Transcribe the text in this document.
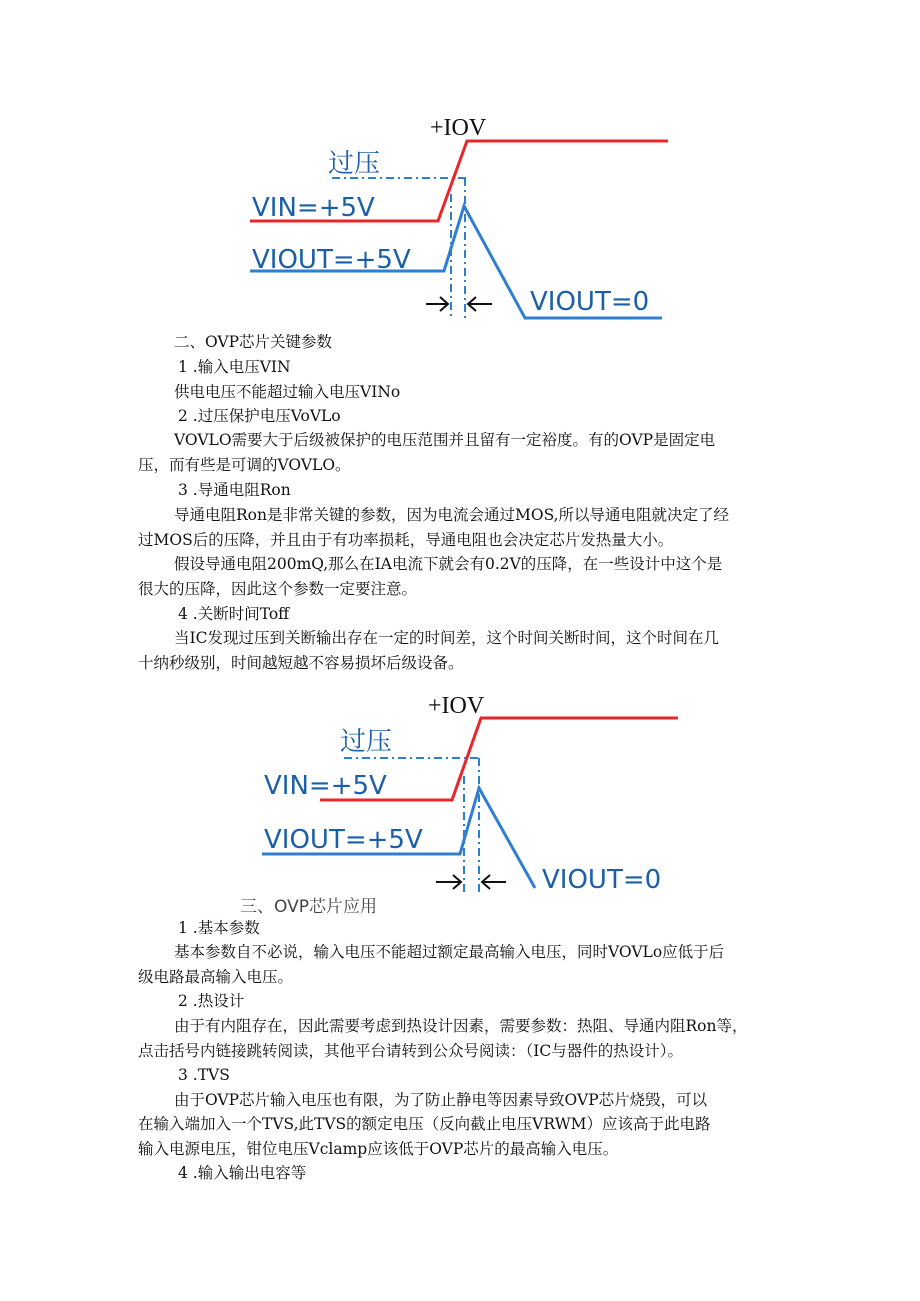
+IOV
过压
VIN=+5V
VIOUT=+5V
VIOUT=0
二、OVP芯片关键参数
1 .输入电压VIN
供电电压不能超过输入电压VINo
2 .过压保护电压VoVLo
VOVLO需要大于后级被保护的电压范围并且留有一定裕度。有的OVP是固定电
压，而有些是可调的VOVLO。
3 .导通电阻Ron
导通电阻Ron是非常关键的参数，因为电流会通过MOS,所以导通电阻就决定了经
过MOS后的压降，并且由于有功率损耗，导通电阻也会决定芯片发热量大小。
假设导通电阻200mQ,那么在IA电流下就会有0.2V的压降，在一些设计中这个是
很大的压降，因此这个参数一定要注意。
4 .关断时间Toff
当IC发现过压到关断输出存在一定的时间差，这个时间关断时间，这个时间在几
十纳秒级别，时间越短越不容易损坏后级设备。
+IOV
过压
VIN=+5V
VIOUT=+5V
VIOUT=0
三、OVP芯片应用
1 .基本参数
基本参数自不必说，输入电压不能超过额定最高输入电压，同时VOVLo应低于后
级电路最高输入电压。
2 .热设计
由于有内阻存在，因此需要考虑到热设计因素，需要参数：热阻、导通内阻Ron等，
点击括号内链接跳转阅读，其他平台请转到公众号阅读：（IC与器件的热设计）。
3 .TVS
由于OVP芯片输入电压也有限，为了防止静电等因素导致OVP芯片烧毁，可以
在输入端加入一个TVS,此TVS的额定电压（反向截止电压VRWM）应该高于此电路
输入电源电压，钳位电压Vclamp应该低于OVP芯片的最高输入电压。
4 .输入输出电容等
